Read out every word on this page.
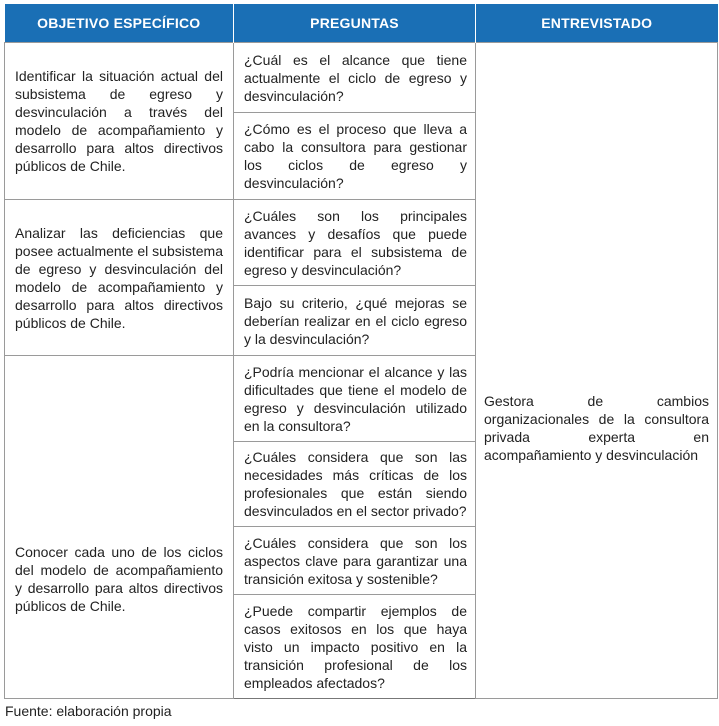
OBJETIVO ESPECÍFICO	PREGUNTAS	ENTREVISTADO
Identificar la situación actual del subsistema de egreso y desvinculación a través del modelo de acompañamiento y desarrollo para altos directivos públicos de Chile.	¿Cuál es el alcance que tiene actualmente el ciclo de egreso y desvinculación?	Gestora de cambios organizacionales de la consultora privada experta en acompañamiento y desvinculación
	¿Cómo es el proceso que lleva a cabo la consultora para gestionar los ciclos de egreso y desvinculación?	
Analizar las deficiencias que posee actualmente el subsistema de egreso y desvinculación del modelo de acompañamiento y desarrollo para altos directivos públicos de Chile.	¿Cuáles son los principales avances y desafíos que puede identificar para el subsistema de egreso y desvinculación?	
	Bajo su criterio, ¿qué mejoras se deberían realizar en el ciclo egreso y la desvinculación?	
Conocer cada uno de los ciclos del modelo de acompañamiento y desarrollo para altos directivos públicos de Chile.	¿Podría mencionar el alcance y las dificultades que tiene el modelo de egreso y desvinculación utilizado en la consultora?	
	¿Cuáles considera que son las necesidades más críticas de los profesionales que están siendo desvinculados en el sector privado?	
	¿Cuáles considera que son los aspectos clave para garantizar una transición exitosa y sostenible?	
	¿Puede compartir ejemplos de casos exitosos en los que haya visto un impacto positivo en la transición profesional de los empleados afectados?	
Fuente: elaboración propia
